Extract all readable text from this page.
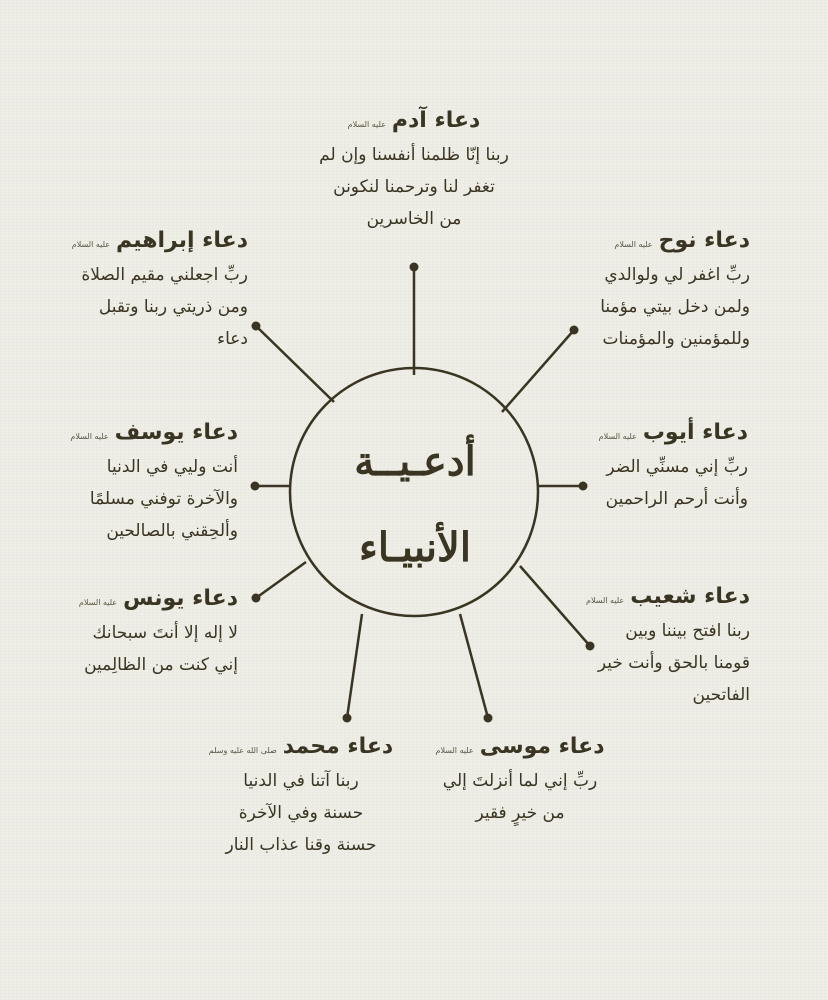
أدعـيــة
الأنبيـاء
دعاء آدم
عليه السلام
ربنا إنّا ظلمنا أنفسنا وإن لم
تغفر لنا وترحمنا لنكونن
من الخاسرين
دعاء نوح
عليه السلام
ربِّ اغفر لي ولوالدي
ولمن دخل بيتي مؤمنا
وللمؤمنين والمؤمنات
دعاء إبراهيم
عليه السلام
ربِّ اجعلني مقيم الصلاة
ومن ذريتي ربنا وتقبل
دعاء
دعاء أيوب
عليه السلام
ربِّ إني مسنِّي الضر
وأنت أرحم الراحمين
دعاء يوسف
عليه السلام
أنت وليي في الدنيا
والآخرة توفني مسلمًا
وألحِقني بالصالحين
دعاء شعيب
عليه السلام
ربنا افتح بيننا وبين
قومنا بالحق وأنت خير
الفاتحين
دعاء يونس
عليه السلام
لا إله إلا أنتَ سبحانك
إني كنت من الظالِمين
دعاء موسى
عليه السلام
ربِّ إني لما أنزلتَ إلي
من خيرٍ فقير
دعاء محمد
صلى الله عليه وسلم
ربنا آتنا في الدنيا
حسنة وفي الآخرة
حسنة وقنا عذاب النار
